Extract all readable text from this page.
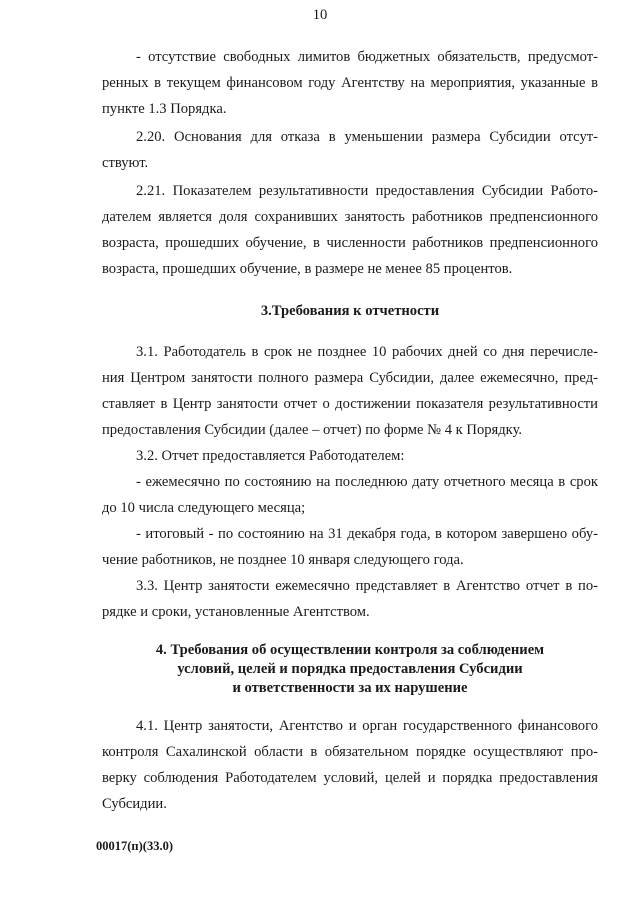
10
- отсутствие свободных лимитов бюджетных обязательств, предусмот-
ренных в текущем финансовом году Агентству на мероприятия, указанные в
пункте 1.3 Порядка.
2.20. Основания для отказа в уменьшении размера Субсидии отсут-
ствуют.
2.21. Показателем результативности предоставления Субсидии Работо-
дателем является доля сохранивших занятость работников предпенсионного
возраста, прошедших обучение, в численности работников предпенсионного
возраста, прошедших обучение, в размере не менее 85 процентов.
3.Требования к отчетности
3.1. Работодатель в срок не позднее 10 рабочих дней со дня перечисле-
ния Центром занятости полного размера Субсидии, далее ежемесячно, пред-
ставляет в Центр занятости отчет о достижении показателя результативности
предоставления Субсидии (далее – отчет) по форме № 4 к Порядку.
3.2. Отчет предоставляется Работодателем:
- ежемесячно по состоянию на последнюю дату отчетного месяца в срок
до 10 числа следующего месяца;
- итоговый - по состоянию на 31 декабря года, в котором завершено обу-
чение работников, не позднее 10 января следующего года.
3.3. Центр занятости ежемесячно представляет в Агентство отчет в по-
рядке и сроки, установленные Агентством.
4. Требования об осуществлении контроля за соблюдением
условий, целей и порядка предоставления Субсидии
и ответственности за их нарушение
4.1. Центр занятости, Агентство и орган государственного финансового
контроля Сахалинской области в обязательном порядке осуществляют про-
верку соблюдения Работодателем условий, целей и порядка предоставления
Субсидии.
00017(п)(33.0)
